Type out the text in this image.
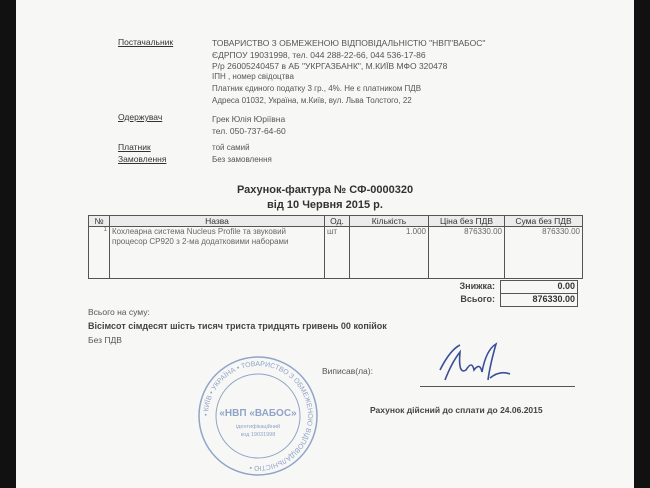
Постачальник	ТОВАРИСТВО З ОБМЕЖЕНОЮ ВІДПОВІДАЛЬНІСТЮ "НВП"ВАБОС"
ЄДРПОУ 19031998, тел. 044 288-22-66, 044 536-17-86
Р/р 26005240457 в АБ "УКРГАЗБАНК", М.КИЇВ МФО 320478
ІПН , номер свідоцтва
Платник єдиного податку 3 гр., 4%. Не є платником ПДВ
Адреса 01032, Україна, м.Київ, вул. Льва Толстого, 22
Одержувач	Грек Юлія Юріївна
тел. 050-737-64-60
Платник	той самий
Замовлення	Без замовлення
Рахунок-фактура № СФ-0000320
від 10 Червня 2015 р.
№	Назва	Од.	Кількість	Ціна без ПДВ	Сума без ПДВ
1	Кохлеарна система Nucleus Profile та звуковий процесор CP920 з 2-ма додатковими наборами	шт	1.000	876330.00	876330.00
Знижка:	0.00
Всього:	876330.00
Всього на суму:
Вісімсот сімдесят шість тисяч триста тридцять гривень 00 копійок
Без ПДВ
Виписав(ла):
Рахунок дійсний до сплати до 24.06.2015
• КИЇВ • УКРАЇНА • ТОВАРИСТВО З ОБМЕЖЕНОЮ ВІДПОВІДАЛЬНІСТЮ •
«НВП «ВАБОС»
ідентифікаційний
код 19031998
